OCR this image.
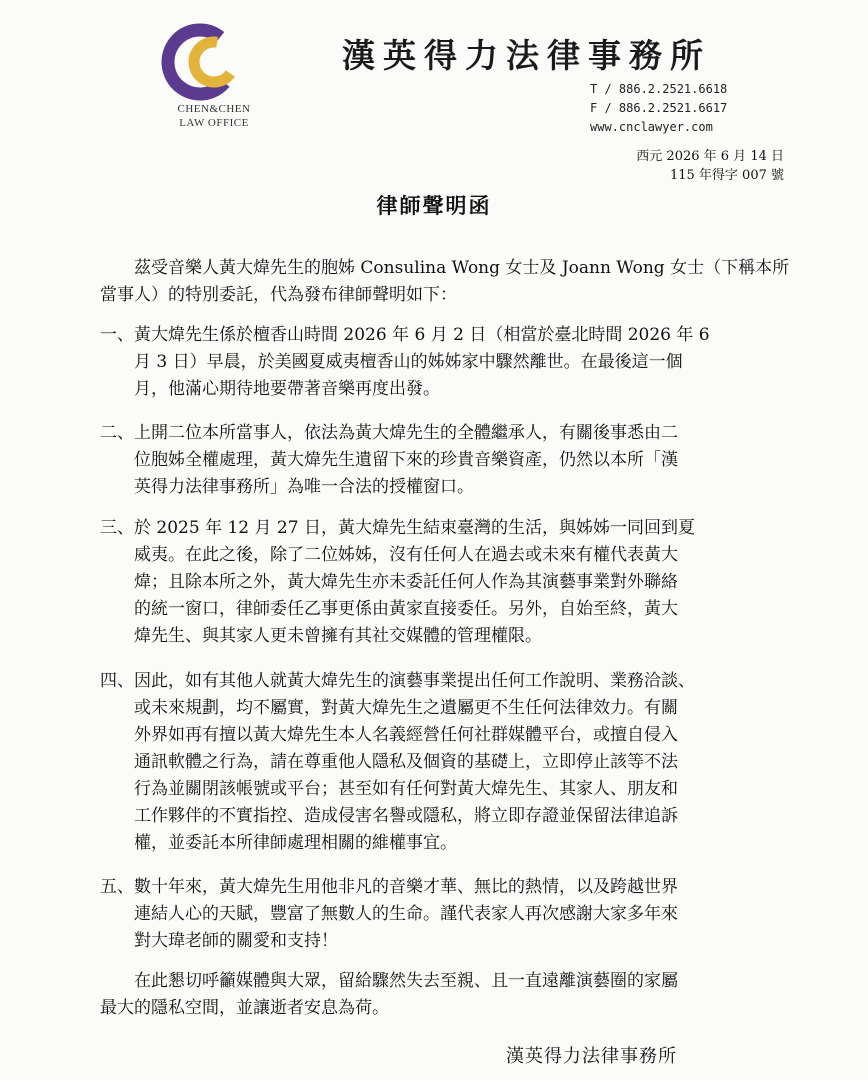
CHEN&CHEN
LAW OFFICE
漢英得力法律事務所
T / 886.2.2521.6618
F / 886.2.2521.6617
www.cnclawyer.com
西元 2026 年 6 月 14 日
115 年得字 007 號
律師聲明函
茲受音樂人黃大煒先生的胞姊 Consulina Wong 女士及 Joann Wong 女士（下稱本所當事人）的特別委託，代為發布律師聲明如下：
一、黃大煒先生係於檀香山時間 2026 年 6 月 2 日（相當於臺北時間 2026 年 6
月 3 日）早晨，於美國夏威夷檀香山的姊姊家中驟然離世。在最後這一個
月，他滿心期待地要帶著音樂再度出發。
二、上開二位本所當事人，依法為黃大煒先生的全體繼承人，有關後事悉由二
位胞姊全權處理，黃大煒先生遺留下來的珍貴音樂資產，仍然以本所「漢
英得力法律事務所」為唯一合法的授權窗口。
三、於 2025 年 12 月 27 日，黃大煒先生結束臺灣的生活，與姊姊一同回到夏
威夷。在此之後，除了二位姊姊，沒有任何人在過去或未來有權代表黃大
煒；且除本所之外，黃大煒先生亦未委託任何人作為其演藝事業對外聯絡
的統一窗口，律師委任乙事更係由黃家直接委任。另外，自始至終，黃大
煒先生、與其家人更未曾擁有其社交媒體的管理權限。
四、因此，如有其他人就黃大煒先生的演藝事業提出任何工作說明、業務洽談、
或未來規劃，均不屬實，對黃大煒先生之遺屬更不生任何法律效力。有關
外界如再有擅以黃大煒先生本人名義經營任何社群媒體平台，或擅自侵入
通訊軟體之行為，請在尊重他人隱私及個資的基礎上，立即停止該等不法
行為並關閉該帳號或平台；甚至如有任何對黃大煒先生、其家人、朋友和
工作夥伴的不實指控、造成侵害名譽或隱私，將立即存證並保留法律追訴
權，並委託本所律師處理相關的維權事宜。
五、數十年來，黃大煒先生用他非凡的音樂才華、無比的熱情，以及跨越世界
連結人心的天賦，豐富了無數人的生命。謹代表家人再次感謝大家多年來
對大瑋老師的關愛和支持！
在此懇切呼籲媒體與大眾，留給驟然失去至親、且一直遠離演藝圈的家屬
最大的隱私空間，並讓逝者安息為荷。
漢英得力法律事務所
